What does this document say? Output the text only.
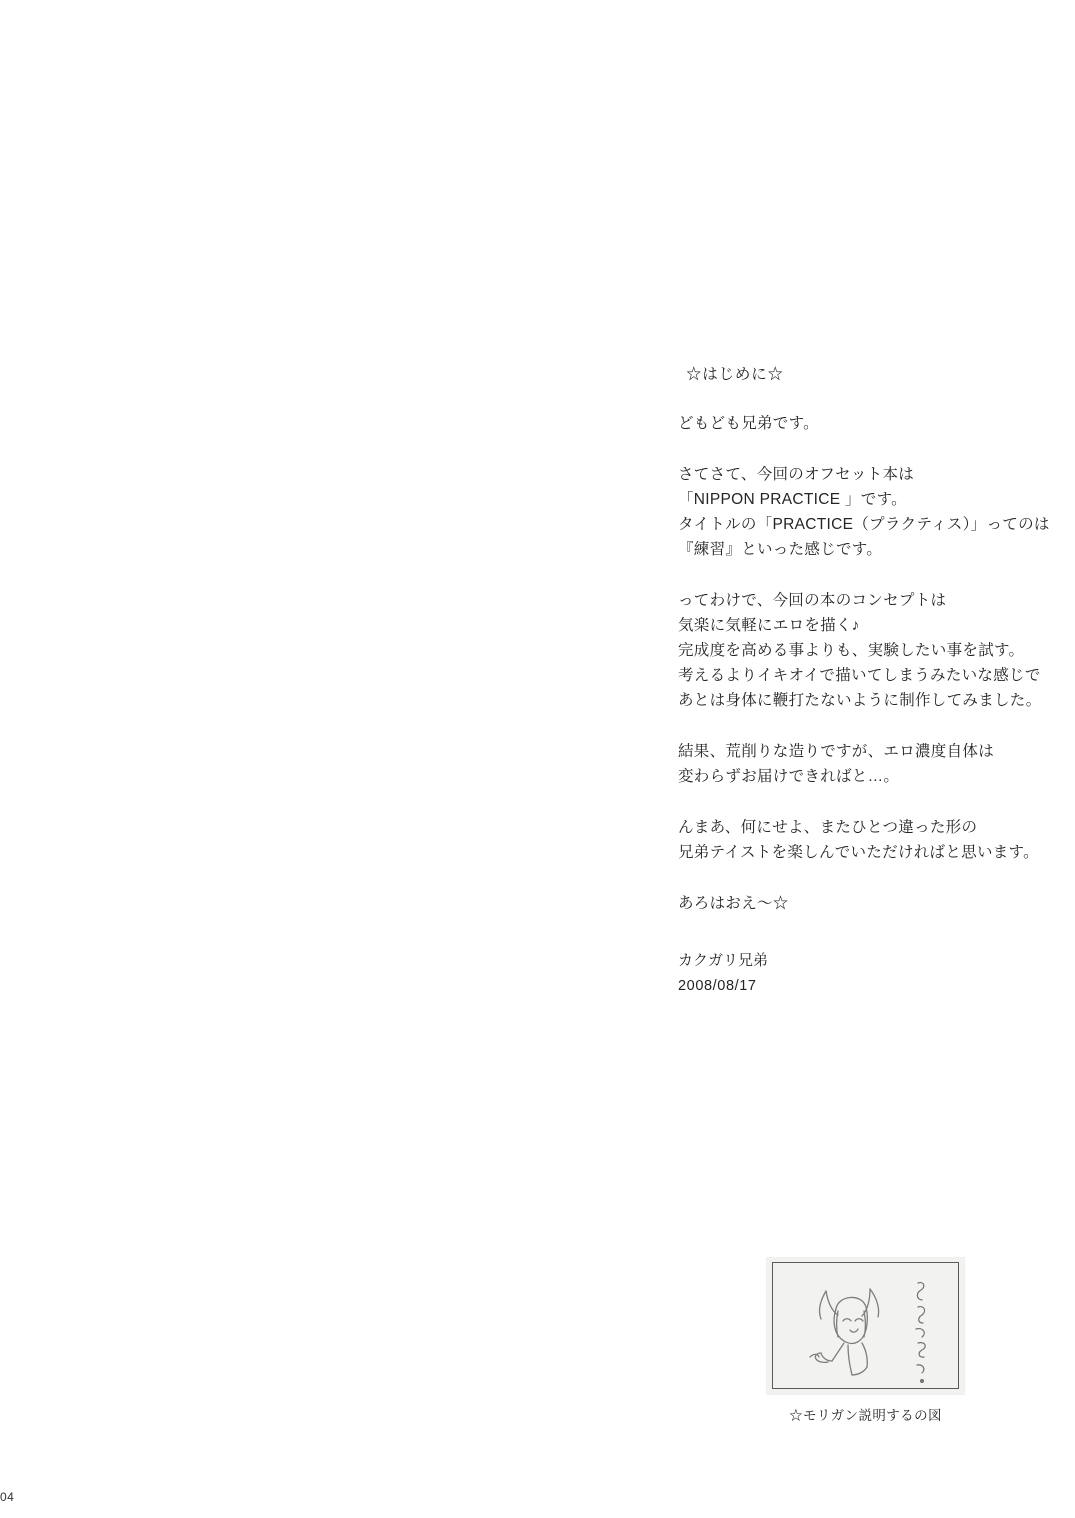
☆はじめに☆
どもども兄弟です。
さてさて、今回のオフセット本は
「NIPPON PRACTICE 」です。
タイトルの「PRACTICE（プラクティス）」ってのは
『練習』といった感じです。
ってわけで、今回の本のコンセプトは
気楽に気軽にエロを描く♪
完成度を高める事よりも、実験したい事を試す。
考えるよりイキオイで描いてしまうみたいな感じで
あとは身体に鞭打たないように制作してみました。
結果、荒削りな造りですが、エロ濃度自体は
変わらずお届けできればと…。
んまあ、何にせよ、またひとつ違った形の
兄弟テイストを楽しんでいただければと思います。
あろはおえ～☆
カクガリ兄弟
2008/08/17
☆モリガン説明するの図
04
